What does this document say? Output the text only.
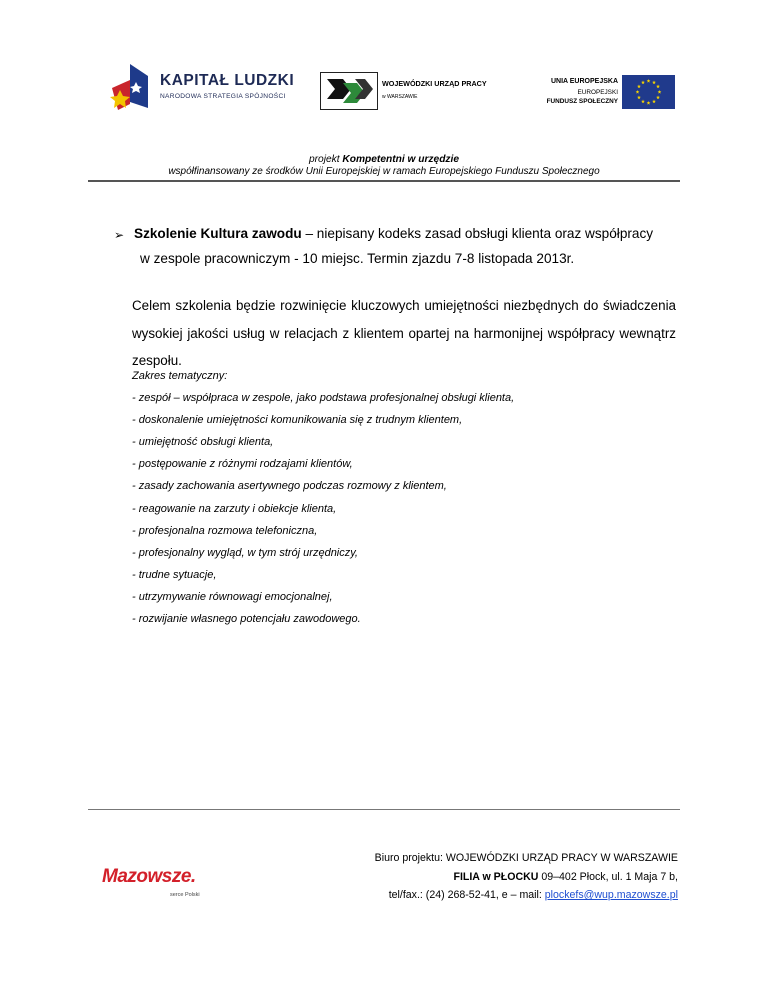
KAPITAŁ LUDZKI
NARODOWA STRATEGIA SPÓJNOŚCI
WOJEWÓDZKI URZĄD PRACY
w WARSZAWIE
UNIA EUROPEJSKA
EUROPEJSKI
FUNDUSZ SPOŁECZNY
projekt Kompetentni w urzędzie
współfinansowany ze środków Unii Europejskiej w ramach Europejskiego Funduszu Społecznego
➢ Szkolenie Kultura zawodu – niepisany kodeks zasad obsługi klienta oraz współpracy
w zespole pracowniczym - 10 miejsc. Termin zjazdu 7-8 listopada 2013r.
Celem szkolenia będzie rozwinięcie kluczowych umiejętności niezbędnych do świadczenia
wysokiej jakości usług w relacjach z klientem opartej na harmonijnej współpracy wewnątrz
zespołu.
Zakres tematyczny:
- zespół – współpraca w zespole, jako podstawa profesjonalnej obsługi klienta,
- doskonalenie umiejętności komunikowania się z trudnym klientem,
- umiejętność obsługi klienta,
- postępowanie z różnymi rodzajami klientów,
- zasady zachowania asertywnego podczas rozmowy z klientem,
- reagowanie na zarzuty i obiekcje klienta,
- profesjonalna rozmowa telefoniczna,
- profesjonalny wygląd, w tym strój urzędniczy,
- trudne sytuacje,
- utrzymywanie równowagi emocjonalnej,
- rozwijanie własnego potencjału zawodowego.
Mazowsze.
serce Polski
Biuro projektu: WOJEWÓDZKI URZĄD PRACY W WARSZAWIE
FILIA w PŁOCKU 09–402 Płock, ul. 1 Maja 7 b,
tel/fax.: (24) 268-52-41, e – mail: plockefs@wup.mazowsze.pl
